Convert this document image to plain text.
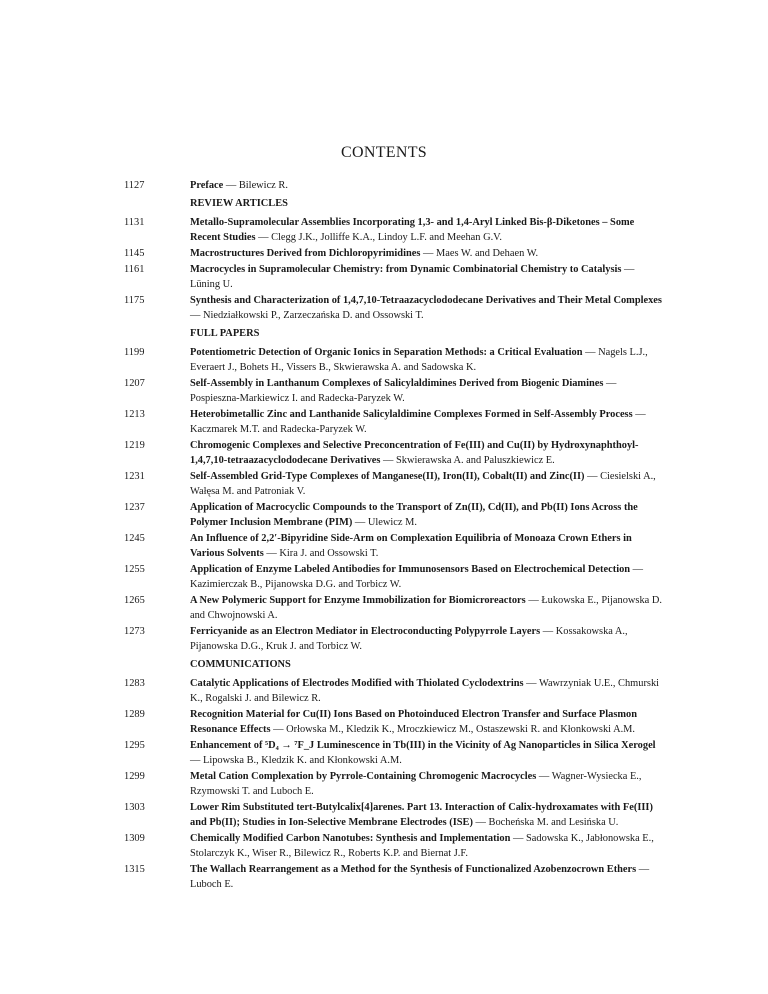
CONTENTS
1127	Preface — Bilewicz R.
REVIEW ARTICLES
1131	Metallo-Supramolecular Assemblies Incorporating 1,3- and 1,4-Aryl Linked Bis-β-Diketones – Some Recent Studies — Clegg J.K., Jolliffe K.A., Lindoy L.F. and Meehan G.V.
1145	Macrostructures Derived from Dichloropyrimidines — Maes W. and Dehaen W.
1161	Macrocycles in Supramolecular Chemistry: from Dynamic Combinatorial Chemistry to Catalysis — Lüning U.
1175	Synthesis and Characterization of 1,4,7,10-Tetraazacyclododecane Derivatives and Their Metal Complexes — Niedziałkowski P., Zarzeczańska D. and Ossowski T.
FULL PAPERS
1199	Potentiometric Detection of Organic Ionics in Separation Methods: a Critical Evaluation — Nagels L.J., Everaert J., Bohets H., Vissers B., Skwierawska A. and Sadowska K.
1207	Self-Assembly in Lanthanum Complexes of Salicylaldimines Derived from Biogenic Diamines — Pospieszna-Markiewicz I. and Radecka-Paryzek W.
1213	Heterobimetallic Zinc and Lanthanide Salicylaldimine Complexes Formed in Self-Assembly Process — Kaczmarek M.T. and Radecka-Paryzek W.
1219	Chromogenic Complexes and Selective Preconcentration of Fe(III) and Cu(II) by Hydroxynaphthoyl-1,4,7,10-tetraazacyclododecane Derivatives — Skwierawska A. and Paluszkiewicz E.
1231	Self-Assembled Grid-Type Complexes of Manganese(II), Iron(II), Cobalt(II) and Zinc(II) — Ciesielski A., Wałęsa M. and Patroniak V.
1237	Application of Macrocyclic Compounds to the Transport of Zn(II), Cd(II), and Pb(II) Ions Across the Polymer Inclusion Membrane (PIM) — Ulewicz M.
1245	An Influence of 2,2′-Bipyridine Side-Arm on Complexation Equilibria of Monoaza Crown Ethers in Various Solvents — Kira J. and Ossowski T.
1255	Application of Enzyme Labeled Antibodies for Immunosensors Based on Electrochemical Detection — Kazimierczak B., Pijanowska D.G. and Torbicz W.
1265	A New Polymeric Support for Enzyme Immobilization for Biomicroreactors — Łukowska E., Pijanowska D. and Chwojnowski A.
1273	Ferricyanide as an Electron Mediator in Electroconducting Polypyrrole Layers — Kossakowska A., Pijanowska D.G., Kruk J. and Torbicz W.
COMMUNICATIONS
1283	Catalytic Applications of Electrodes Modified with Thiolated Cyclodextrins — Wawrzyniak U.E., Chmurski K., Rogalski J. and Bilewicz R.
1289	Recognition Material for Cu(II) Ions Based on Photoinduced Electron Transfer and Surface Plasmon Resonance Effects — Orłowska M., Kledzik K., Mroczkiewicz M., Ostaszewski R. and Kłonkowski A.M.
1295	Enhancement of ⁵D₄ → ⁷F_J Luminescence in Tb(III) in the Vicinity of Ag Nanoparticles in Silica Xerogel — Lipowska B., Kledzik K. and Kłonkowski A.M.
1299	Metal Cation Complexation by Pyrrole-Containing Chromogenic Macrocycles — Wagner-Wysiecka E., Rzymowski T. and Luboch E.
1303	Lower Rim Substituted tert-Butylcalix[4]arenes. Part 13. Interaction of Calix-hydroxamates with Fe(III) and Pb(II); Studies in Ion-Selective Membrane Electrodes (ISE) — Bocheńska M. and Lesińska U.
1309	Chemically Modified Carbon Nanotubes: Synthesis and Implementation — Sadowska K., Jabłonowska E., Stolarczyk K., Wiser R., Bilewicz R., Roberts K.P. and Biernat J.F.
1315	The Wallach Rearrangement as a Method for the Synthesis of Functionalized Azobenzocrown Ethers — Luboch E.
